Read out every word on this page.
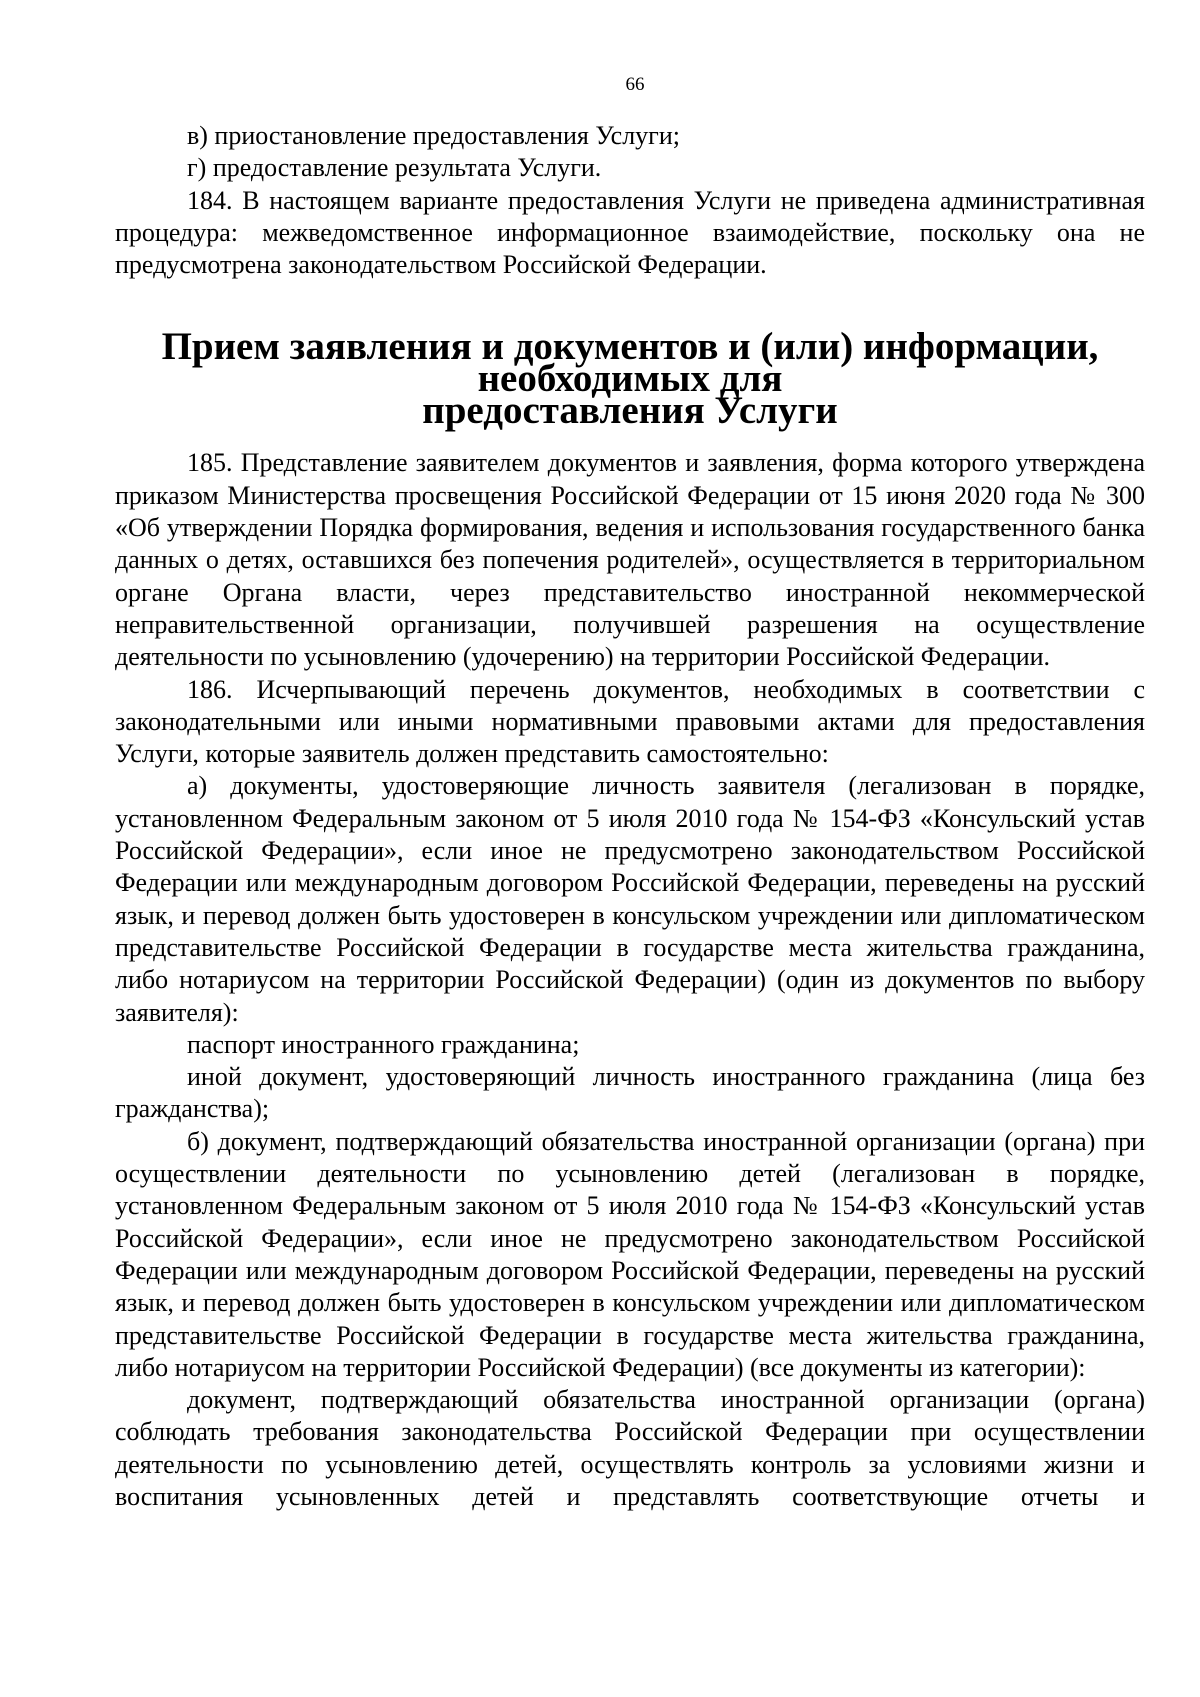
66

в) приостановление предоставления Услуги;

г) предоставление результата Услуги.

184. В настоящем варианте предоставления Услуги не приведена административная процедура: межведомственное информационное взаимодействие, поскольку она не предусмотрена законодательством Российской Федерации.

Прием заявления и документов и (или) информации, необходимых для
предоставления Услуги

185. Представление заявителем документов и заявления, форма которого утверждена приказом Министерства просвещения Российской Федерации от 15 июня 2020 года № 300 «Об утверждении Порядка формирования, ведения и использования государственного банка данных о детях, оставшихся без попечения родителей», осуществляется в территориальном органе Органа власти, через представительство иностранной некоммерческой неправительственной организации, получившей разрешения на осуществление деятельности по усыновлению (удочерению) на территории Российской Федерации.

186. Исчерпывающий перечень документов, необходимых в соответствии с законодательными или иными нормативными правовыми актами для предоставления Услуги, которые заявитель должен представить самостоятельно:

а) документы, удостоверяющие личность заявителя (легализован в порядке, установленном Федеральным законом от 5 июля 2010 года № 154-ФЗ «Консульский устав Российской Федерации», если иное не предусмотрено законодательством Российской Федерации или международным договором Российской Федерации, переведены на русский язык, и перевод должен быть удостоверен в консульском учреждении или дипломатическом представительстве Российской Федерации в государстве места жительства гражданина, либо нотариусом на территории Российской Федерации) (один из документов по выбору заявителя):

паспорт иностранного гражданина;

иной документ, удостоверяющий личность иностранного гражданина (лица без гражданства);

б) документ, подтверждающий обязательства иностранной организации (органа) при осуществлении деятельности по усыновлению детей (легализован в порядке, установленном Федеральным законом от 5 июля 2010 года № 154-ФЗ «Консульский устав Российской Федерации», если иное не предусмотрено законодательством Российской Федерации или международным договором Российской Федерации, переведены на русский язык, и перевод должен быть удостоверен в консульском учреждении или дипломатическом представительстве Российской Федерации в государстве места жительства гражданина, либо нотариусом на территории Российской Федерации) (все документы из категории):

документ, подтверждающий обязательства иностранной организации (органа) соблюдать требования законодательства Российской Федерации при осуществлении деятельности по усыновлению детей, осуществлять контроль за условиями жизни и воспитания усыновленных детей и представлять соответствующие отчеты и
